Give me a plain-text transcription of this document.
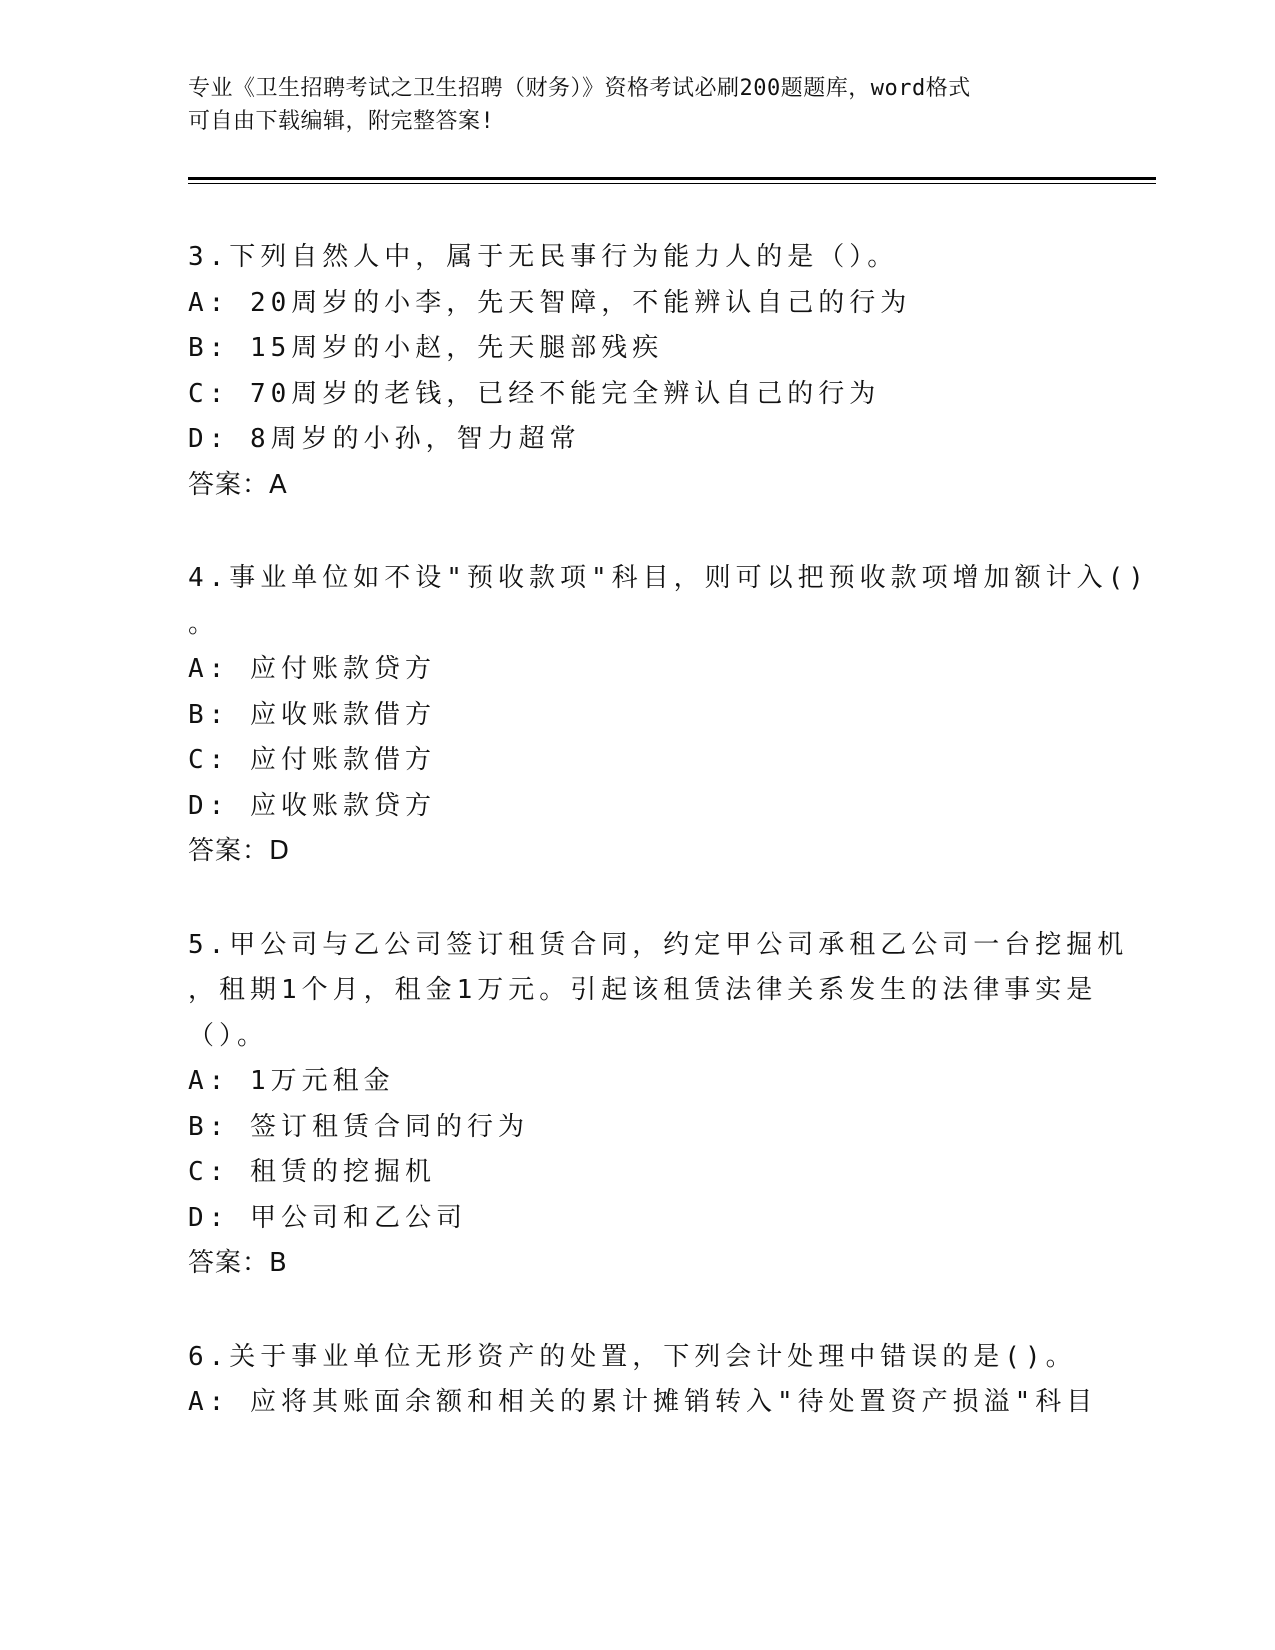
专业《卫生招聘考试之卫生招聘（财务）》资格考试必刷200题题库，word格式
可自由下载编辑，附完整答案!
3.下列自然人中，属于无民事行为能力人的是（）。
A: 20周岁的小李，先天智障，不能辨认自己的行为
B: 15周岁的小赵，先天腿部残疾
C: 70周岁的老钱，已经不能完全辨认自己的行为
D: 8周岁的小孙，智力超常
答案：A
4.事业单位如不设"预收款项"科目，则可以把预收款项增加额计入()
。
A: 应付账款贷方
B: 应收账款借方
C: 应付账款借方
D: 应收账款贷方
答案：D
5.甲公司与乙公司签订租赁合同，约定甲公司承租乙公司一台挖掘机
，租期1个月，租金1万元。引起该租赁法律关系发生的法律事实是
（）。
A: 1万元租金
B: 签订租赁合同的行为
C: 租赁的挖掘机
D: 甲公司和乙公司
答案：B
6.关于事业单位无形资产的处置，下列会计处理中错误的是()。
A: 应将其账面余额和相关的累计摊销转入"待处置资产损溢"科目
